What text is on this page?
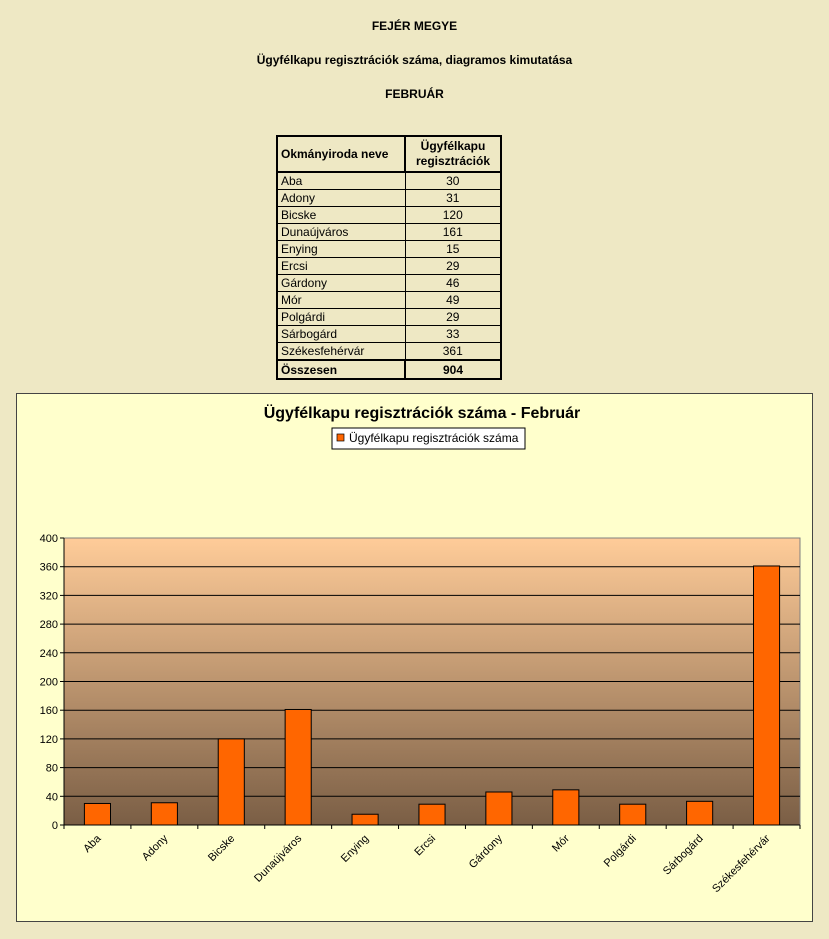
FEJÉR MEGYE
Ügyfélkapu regisztrációk száma, diagramos kimutatása
FEBRUÁR
Okmányiroda neve	Ügyfélkapu
regisztrációk
Aba	30
Adony	31
Bicske	120
Dunaújváros	161
Enying	15
Ercsi	29
Gárdony	46
Mór	49
Polgárdi	29
Sárbogárd	33
Székesfehérvár	361
Összesen	904
Ügyfélkapu regisztrációk száma - Február
Ügyfélkapu regisztrációk száma
0
40
80
120
160
200
240
280
320
360
400
Aba	Adony	Bicske Dunaújváros	Enying	Ercsi	Gárdony	Mór	Polgárdi Sárbogárd Székesfehérvár
